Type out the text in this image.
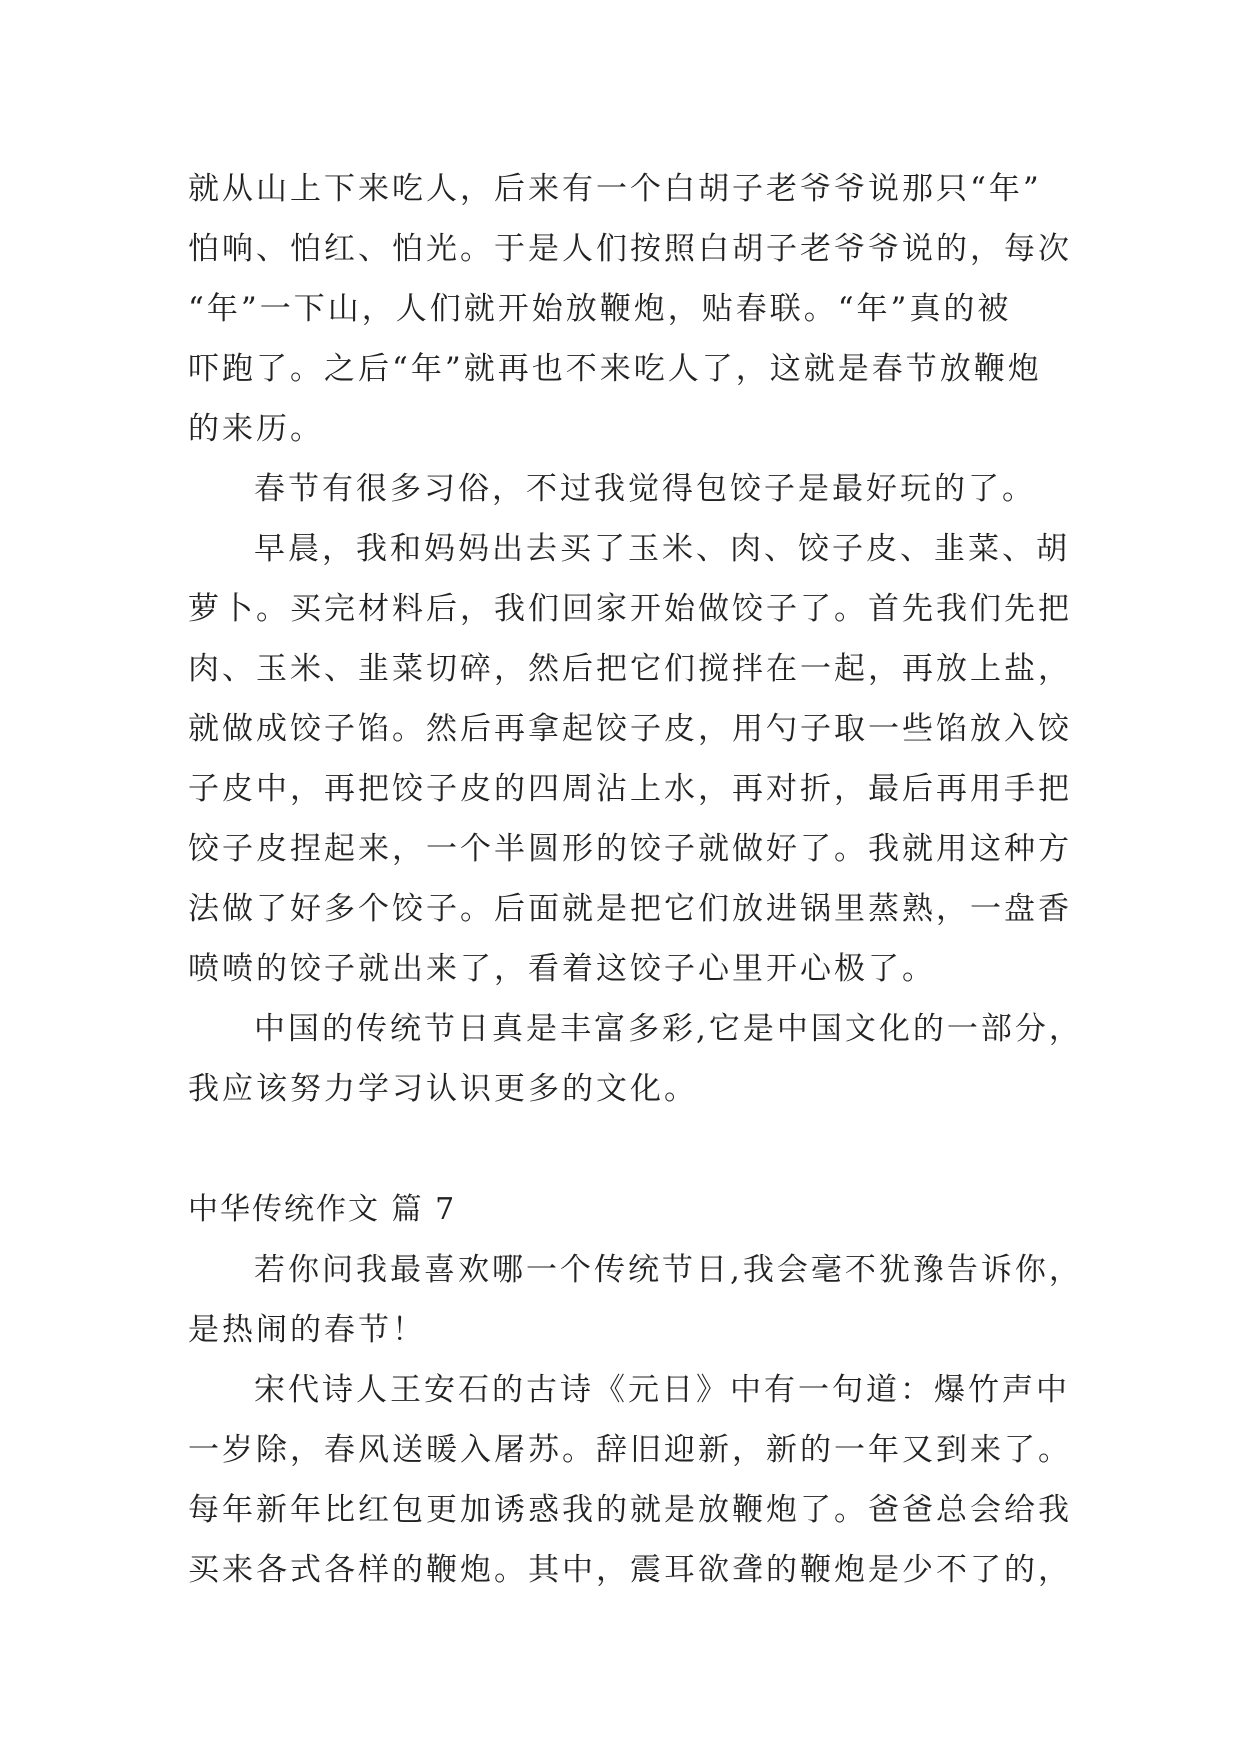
就从山上下来吃人，后来有一个白胡子老爷爷说那只“年”
怕响、怕红、怕光。于是人们按照白胡子老爷爷说的，每次
“年”一下山，人们就开始放鞭炮，贴春联。“年”真的被
吓跑了。之后“年”就再也不来吃人了，这就是春节放鞭炮
的来历。
春节有很多习俗，不过我觉得包饺子是最好玩的了。
早晨，我和妈妈出去买了玉米、肉、饺子皮、韭菜、胡
萝卜。买完材料后，我们回家开始做饺子了。首先我们先把
肉、玉米、韭菜切碎，然后把它们搅拌在一起，再放上盐，
就做成饺子馅。然后再拿起饺子皮，用勺子取一些馅放入饺
子皮中，再把饺子皮的四周沾上水，再对折，最后再用手把
饺子皮捏起来，一个半圆形的饺子就做好了。我就用这种方
法做了好多个饺子。后面就是把它们放进锅里蒸熟，一盘香
喷喷的饺子就出来了，看着这饺子心里开心极了。
中国的传统节日真是丰富多彩,它是中国文化的一部分，
我应该努力学习认识更多的文化。
中华传统作文 篇 7
若你问我最喜欢哪一个传统节日,我会毫不犹豫告诉你，
是热闹的春节！
宋代诗人王安石的古诗《元日》中有一句道：爆竹声中
一岁除，春风送暖入屠苏。辞旧迎新，新的一年又到来了。
每年新年比红包更加诱惑我的就是放鞭炮了。爸爸总会给我
买来各式各样的鞭炮。其中，震耳欲聋的鞭炮是少不了的，
